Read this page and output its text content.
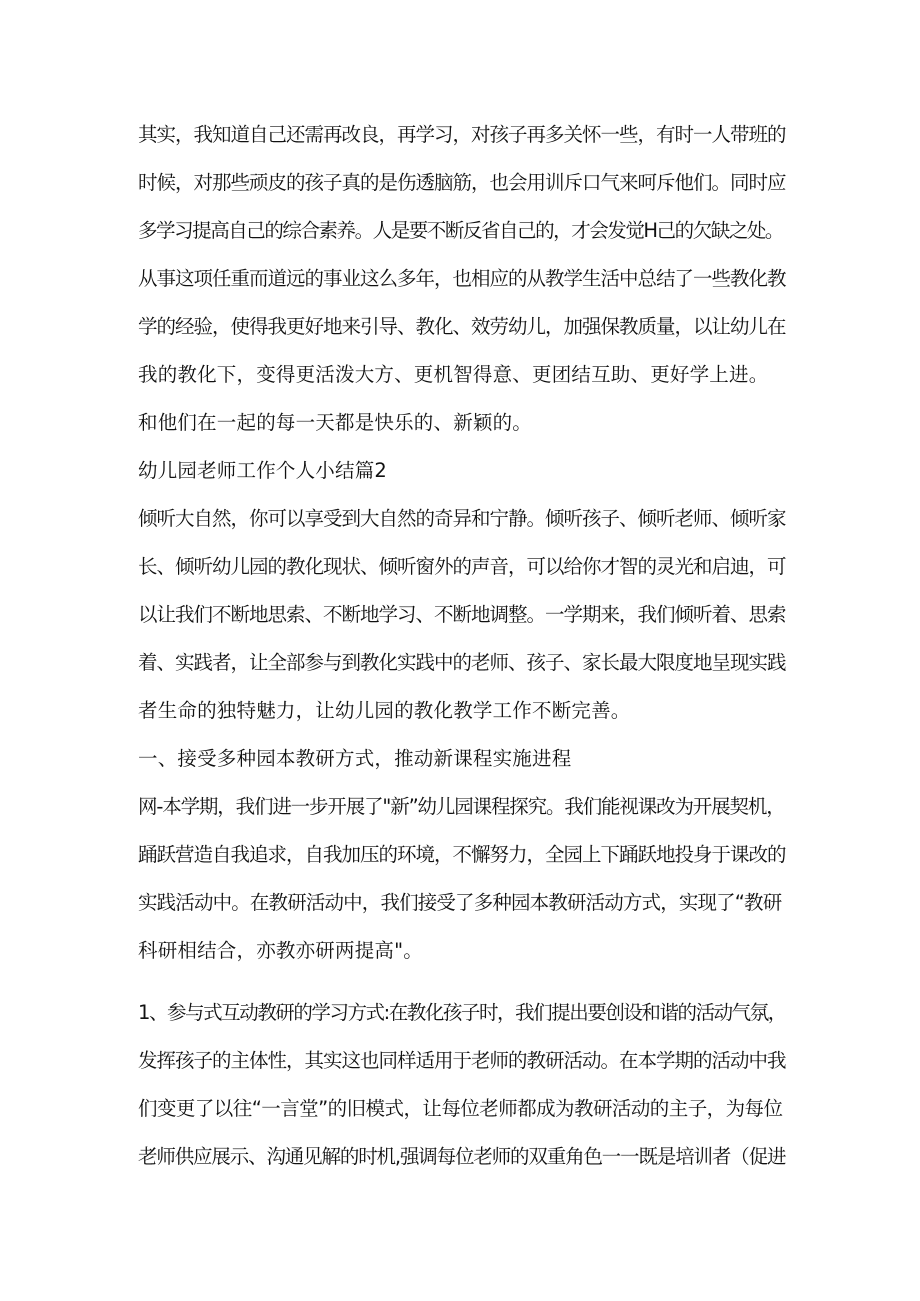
其实，我知道自己还需再改良，再学习，对孩子再多关怀一些，有时一人带班的
时候，对那些顽皮的孩子真的是伤透脑筋，也会用训斥口气来呵斥他们。同时应
多学习提高自己的综合素养。人是要不断反省自己的，才会发觉H己的欠缺之处。
从事这项任重而道远的事业这么多年，也相应的从教学生活中总结了一些教化教
学的经验，使得我更好地来引导、教化、效劳幼儿，加强保教质量，以让幼儿在
我的教化下，变得更活泼大方、更机智得意、更团结互助、更好学上进。
和他们在一起的每一天都是快乐的、新颖的。
幼儿园老师工作个人小结篇2
倾听大自然，你可以享受到大自然的奇异和宁静。倾听孩子、倾听老师、倾听家
长、倾听幼儿园的教化现状、倾听窗外的声音，可以给你才智的灵光和启迪，可
以让我们不断地思索、不断地学习、不断地调整。一学期来，我们倾听着、思索
着、实践者，让全部参与到教化实践中的老师、孩子、家长最大限度地呈现实践
者生命的独特魅力，让幼儿园的教化教学工作不断完善。
一、接受多种园本教研方式，推动新课程实施进程
网-本学期，我们进一步开展了"新”幼儿园课程探究。我们能视课改为开展契机，
踊跃营造自我追求，自我加压的环境，不懈努力，全园上下踊跃地投身于课改的
实践活动中。在教研活动中，我们接受了多种园本教研活动方式，实现了“教研
科研相结合，亦教亦研两提高"。
1、参与式互动教研的学习方式:在教化孩子时，我们提出要创设和谐的活动气氛，
发挥孩子的主体性，其实这也同样适用于老师的教研活动。在本学期的活动中我
们变更了以往“一言堂”的旧模式，让每位老师都成为教研活动的主子，为每位
老师供应展示、沟通见解的时机,强调每位老师的双重角色一一既是培训者（促进
